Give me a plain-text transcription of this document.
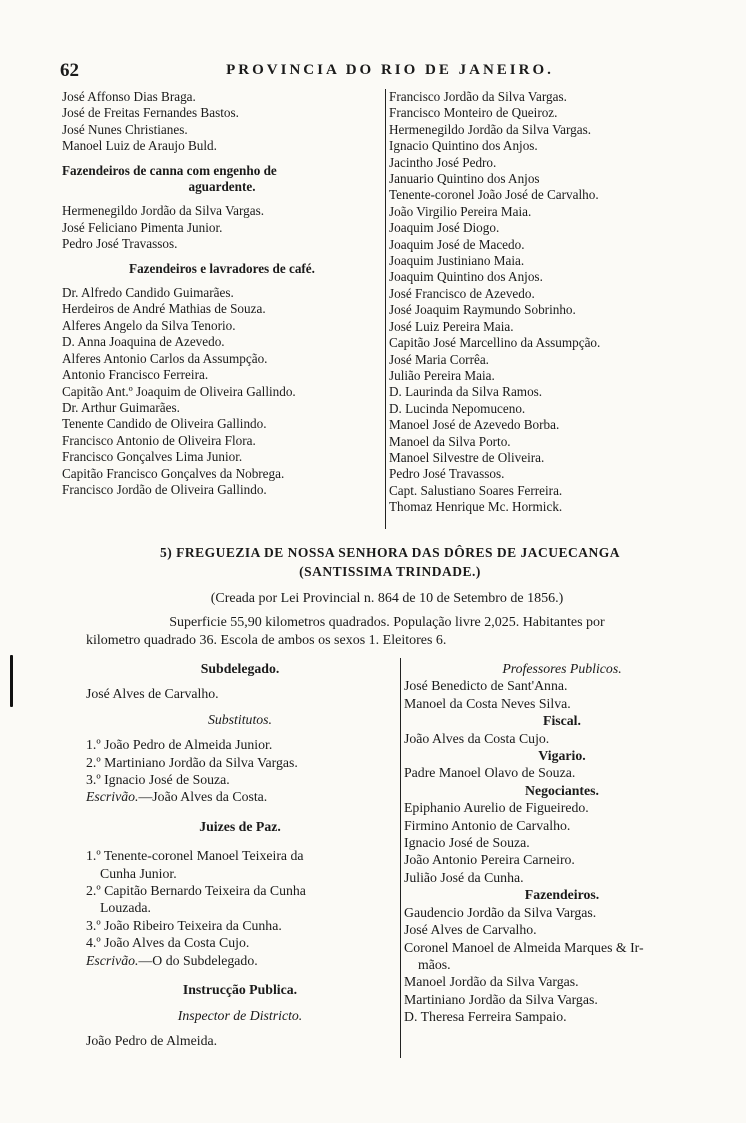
62	PROVINCIA DO RIO DE JANEIRO.
José Affonso Dias Braga.
José de Freitas Fernandes Bastos.
José Nunes Christianes.
Manoel Luiz de Araujo Buld.
Fazendeiros de canna com engenho de
aguardente.
Hermenegildo Jordão da Silva Vargas.
José Feliciano Pimenta Junior.
Pedro José Travassos.
Fazendeiros e lavradores de café.
Dr. Alfredo Candido Guimarães.
Herdeiros de André Mathias de Souza.
Alferes Angelo da Silva Tenorio.
D. Anna Joaquina de Azevedo.
Alferes Antonio Carlos da Assumpção.
Antonio Francisco Ferreira.
Capitão Ant.º Joaquim de Oliveira Gallindo.
Dr. Arthur Guimarães.
Tenente Candido de Oliveira Gallindo.
Francisco Antonio de Oliveira Flora.
Francisco Gonçalves Lima Junior.
Capitão Francisco Gonçalves da Nobrega.
Francisco Jordão de Oliveira Gallindo.
Francisco Jordão da Silva Vargas.
Francisco Monteiro de Queiroz.
Hermenegildo Jordão da Silva Vargas.
Ignacio Quintino dos Anjos.
Jacintho José Pedro.
Januario Quintino dos Anjos
Tenente-coronel João José de Carvalho.
João Virgilio Pereira Maia.
Joaquim José Diogo.
Joaquim José de Macedo.
Joaquim Justiniano Maia.
Joaquim Quintino dos Anjos.
José Francisco de Azevedo.
José Joaquim Raymundo Sobrinho.
José Luiz Pereira Maia.
Capitão José Marcellino da Assumpção.
José Maria Corrêa.
Julião Pereira Maia.
D. Laurinda da Silva Ramos.
D. Lucinda Nepomuceno.
Manoel José de Azevedo Borba.
Manoel da Silva Porto.
Manoel Silvestre de Oliveira.
Pedro José Travassos.
Capt. Salustiano Soares Ferreira.
Thomaz Henrique Mc. Hormick.
5) FREGUEZIA DE NOSSA SENHORA DAS DÔRES DE JACUECANGA
(SANTISSIMA TRINDADE.)
(Creada por Lei Provincial n. 864 de 10 de Setembro de 1856.)
Superficie 55,90 kilometros quadrados. População livre 2,025. Habitantes por
kilometro quadrado 36. Escola de ambos os sexos 1. Eleitores 6.
Subdelegado.
José Alves de Carvalho.
Substitutos.
1.º João Pedro de Almeida Junior.
2.º Martiniano Jordão da Silva Vargas.
3.º Ignacio José de Souza.
Escrivão.—João Alves da Costa.
Juizes de Paz.
1.º Tenente-coronel Manoel Teixeira da
Cunha Junior.
2.º Capitão Bernardo Teixeira da Cunha
Louzada.
3.º João Ribeiro Teixeira da Cunha.
4.º João Alves da Costa Cujo.
Escrivão.—O do Subdelegado.
Instrucção Publica.
Inspector de Districto.
João Pedro de Almeida.
Professores Publicos.
José Benedicto de Sant'Anna.
Manoel da Costa Neves Silva.
Fiscal.
João Alves da Costa Cujo.
Vigario.
Padre Manoel Olavo de Souza.
Negociantes.
Epiphanio Aurelio de Figueiredo.
Firmino Antonio de Carvalho.
Ignacio José de Souza.
João Antonio Pereira Carneiro.
Julião José da Cunha.
Fazendeiros.
Gaudencio Jordão da Silva Vargas.
José Alves de Carvalho.
Coronel Manoel de Almeida Marques & Ir-
mãos.
Manoel Jordão da Silva Vargas.
Martiniano Jordão da Silva Vargas.
D. Theresa Ferreira Sampaio.
